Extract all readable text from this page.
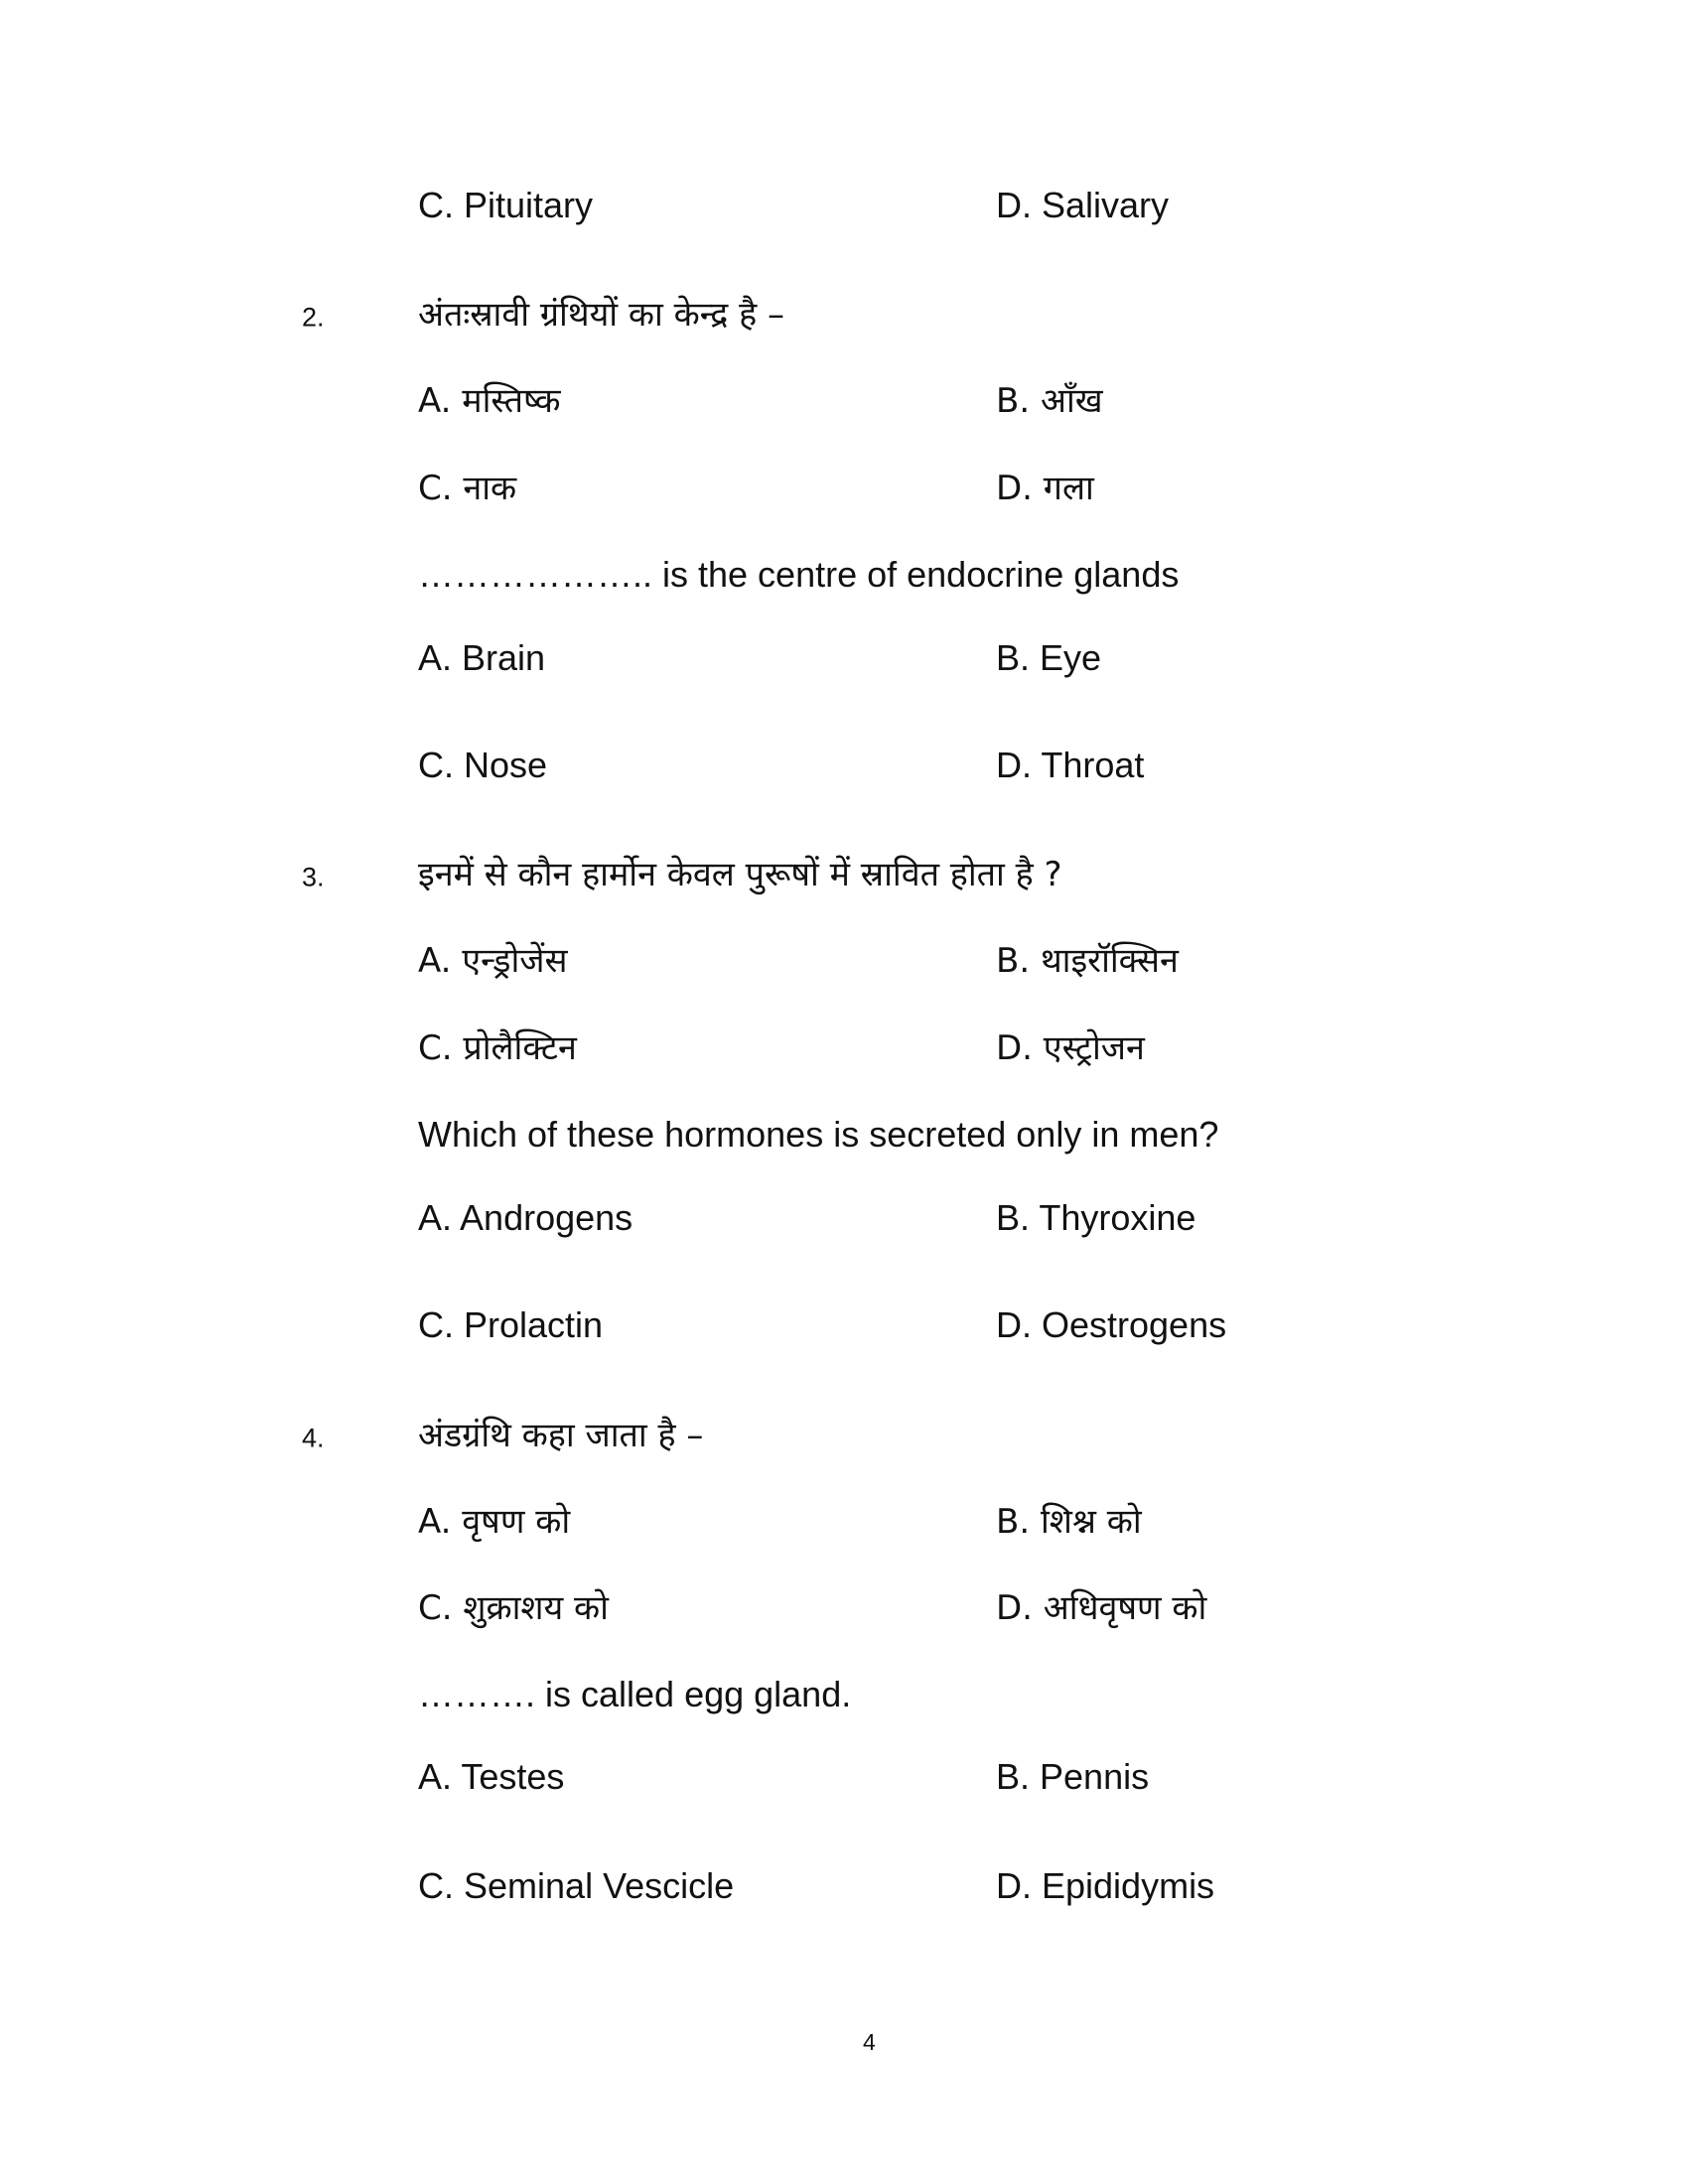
C. Pituitary	D. Salivary
2.	अंतःस्रावी ग्रंथियों का केन्द्र है –
A. मस्तिष्क	B. आँख
C. नाक	D. गला
……………….. is the centre of endocrine glands
A. Brain	B. Eye
C. Nose	D. Throat
3.	इनमें से कौन हार्मोन केवल पुरूषों में स्रावित होता है ?
A. एन्ड्रोजेंस	B. थाइरॉक्सिन
C. प्रोलैक्टिन	D. एस्ट्रोजन
Which of these hormones is secreted only in men?
A. Androgens	B. Thyroxine
C. Prolactin	D. Oestrogens
4.	अंडग्रंथि कहा जाता है –
A. वृषण को	B. शिश्न को
C. शुक्राशय को	D. अधिवृषण को
………. is called egg gland.
A. Testes	B. Pennis
C. Seminal Vescicle	D. Epididymis
4
